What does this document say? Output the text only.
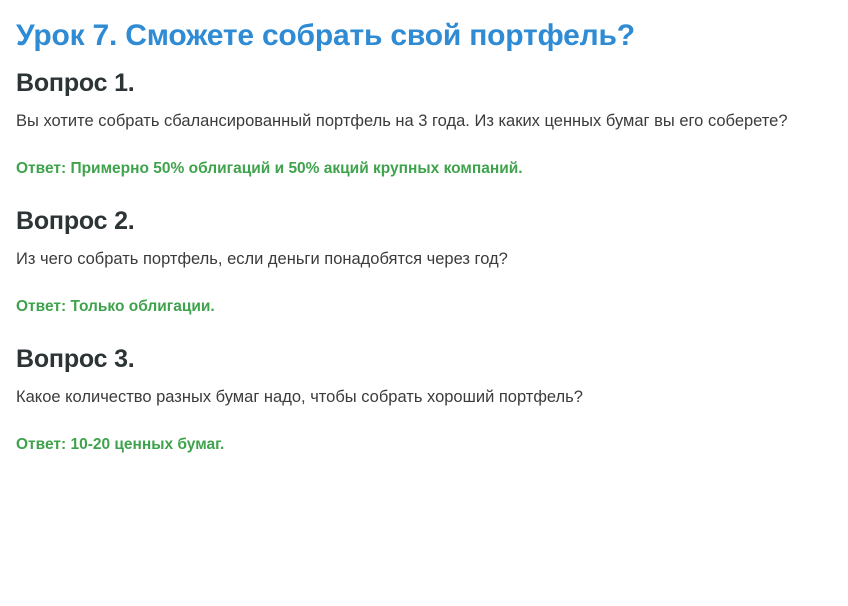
Урок 7. Сможете собрать свой портфель?
Вопрос 1.

Вы хотите собрать сбалансированный портфель на 3 года. Из каких ценных бумаг вы его соберете?

Ответ: Примерно 50% облигаций и 50% акций крупных компаний.

Вопрос 2.

Из чего собрать портфель, если деньги понадобятся через год?

Ответ: Только облигации.

Вопрос 3.

Какое количество разных бумаг надо, чтобы собрать хороший портфель?

Ответ: 10-20 ценных бумаг.
